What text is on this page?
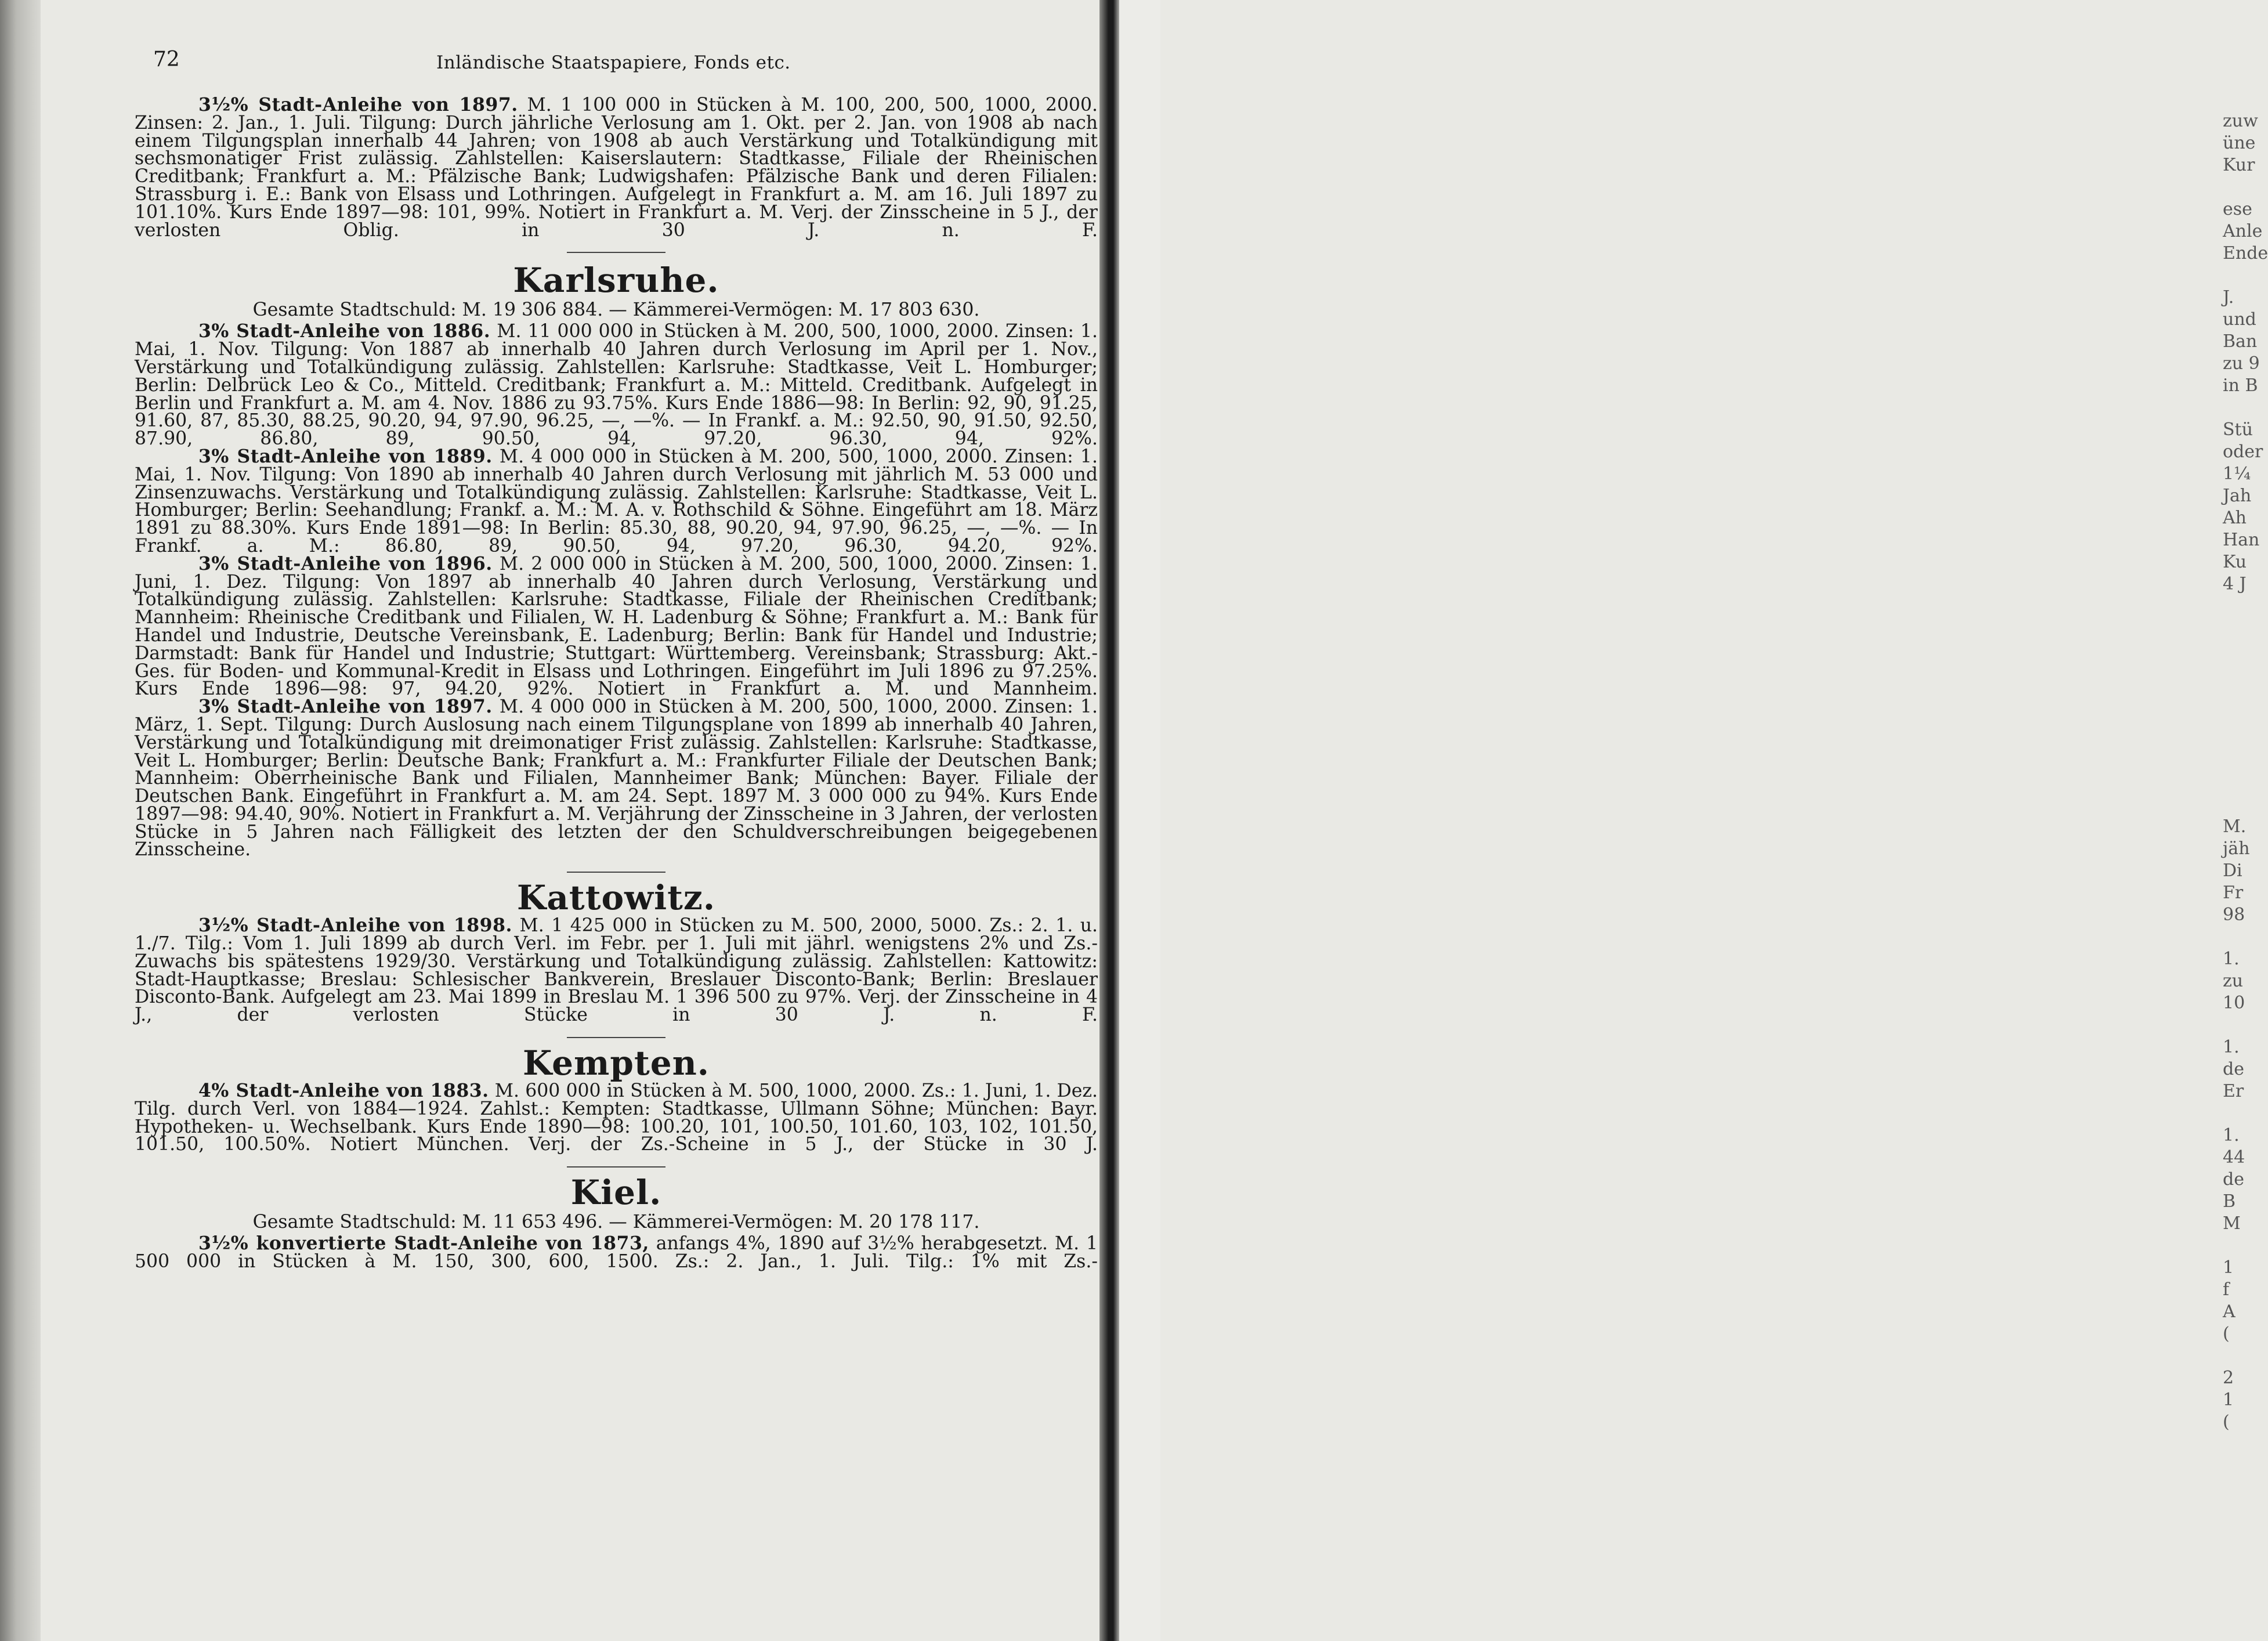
zuw
üne
Kur
ese
Anle
Ende
J.
und
Ban
zu 9
in B
Stü
oder
1¼
Jah
Ah
Han
Ku
4 J
M.
jäh
Di
Fr
98
1.
zu
10
1.
de
Er
1.
44
de
B
M
1
f
A
(
2
1
(
72	Inländische Staatspapiere, Fonds etc.

3½% Stadt-Anleihe von 1897. M. 1 100 000 in Stücken à M. 100, 200, 500, 1000, 2000. Zinsen: 2. Jan., 1. Juli. Tilgung: Durch jährliche Verlosung am 1. Okt. per 2. Jan. von 1908 ab nach einem Tilgungsplan innerhalb 44 Jahren; von 1908 ab auch Verstärkung und Totalkündigung mit sechsmonatiger Frist zulässig. Zahlstellen: Kaiserslautern: Stadtkasse, Filiale der Rheinischen Creditbank; Frankfurt a. M.: Pfälzische Bank; Ludwigshafen: Pfälzische Bank und deren Filialen: Strassburg i. E.: Bank von Elsass und Lothringen. Aufgelegt in Frankfurt a. M. am 16. Juli 1897 zu 101.10%. Kurs Ende 1897—98: 101, 99%. Notiert in Frankfurt a. M. Verj. der Zinsscheine in 5 J., der verlosten Oblig. in 30 J. n. F.

Karlsruhe.

Gesamte Stadtschuld: M. 19 306 884. — Kämmerei-Vermögen: M. 17 803 630.

3% Stadt-Anleihe von 1886. M. 11 000 000 in Stücken à M. 200, 500, 1000, 2000. Zinsen: 1. Mai, 1. Nov. Tilgung: Von 1887 ab innerhalb 40 Jahren durch Verlosung im April per 1. Nov., Verstärkung und Totalkündigung zulässig. Zahlstellen: Karlsruhe: Stadtkasse, Veit L. Homburger; Berlin: Delbrück Leo & Co., Mitteld. Creditbank; Frankfurt a. M.: Mitteld. Creditbank. Aufgelegt in Berlin und Frankfurt a. M. am 4. Nov. 1886 zu 93.75%. Kurs Ende 1886—98: In Berlin: 92, 90, 91.25, 91.60, 87, 85.30, 88.25, 90.20, 94, 97.90, 96.25, —, —%. — In Frankf. a. M.: 92.50, 90, 91.50, 92.50, 87.90, 86.80, 89, 90.50, 94, 97.20, 96.30, 94, 92%.

3% Stadt-Anleihe von 1889. M. 4 000 000 in Stücken à M. 200, 500, 1000, 2000. Zinsen: 1. Mai, 1. Nov. Tilgung: Von 1890 ab innerhalb 40 Jahren durch Verlosung mit jährlich M. 53 000 und Zinsenzuwachs. Verstärkung und Totalkündigung zulässig. Zahlstellen: Karlsruhe: Stadtkasse, Veit L. Homburger; Berlin: Seehandlung; Frankf. a. M.: M. A. v. Rothschild & Söhne. Eingeführt am 18. März 1891 zu 88.30%. Kurs Ende 1891—98: In Berlin: 85.30, 88, 90.20, 94, 97.90, 96.25, —, —%. — In Frankf. a. M.: 86.80, 89, 90.50, 94, 97.20, 96.30, 94.20, 92%.

3% Stadt-Anleihe von 1896. M. 2 000 000 in Stücken à M. 200, 500, 1000, 2000. Zinsen: 1. Juni, 1. Dez. Tilgung: Von 1897 ab innerhalb 40 Jahren durch Verlosung, Verstärkung und Totalkündigung zulässig. Zahlstellen: Karlsruhe: Stadtkasse, Filiale der Rheinischen Creditbank; Mannheim: Rheinische Creditbank und Filialen, W. H. Ladenburg & Söhne; Frankfurt a. M.: Bank für Handel und Industrie, Deutsche Vereinsbank, E. Ladenburg; Berlin: Bank für Handel und Industrie; Darmstadt: Bank für Handel und Industrie; Stuttgart: Württemberg. Vereinsbank; Strassburg: Akt.-Ges. für Boden- und Kommunal-Kredit in Elsass und Lothringen. Eingeführt im Juli 1896 zu 97.25%. Kurs Ende 1896—98: 97, 94.20, 92%. Notiert in Frankfurt a. M. und Mannheim.

3% Stadt-Anleihe von 1897. M. 4 000 000 in Stücken à M. 200, 500, 1000, 2000. Zinsen: 1. März, 1. Sept. Tilgung: Durch Auslosung nach einem Tilgungsplane von 1899 ab innerhalb 40 Jahren, Verstärkung und Totalkündigung mit dreimonatiger Frist zulässig. Zahlstellen: Karlsruhe: Stadtkasse, Veit L. Homburger; Berlin: Deutsche Bank; Frankfurt a. M.: Frankfurter Filiale der Deutschen Bank; Mannheim: Oberrheinische Bank und Filialen, Mannheimer Bank; München: Bayer. Filiale der Deutschen Bank. Eingeführt in Frankfurt a. M. am 24. Sept. 1897 M. 3 000 000 zu 94%. Kurs Ende 1897—98: 94.40, 90%. Notiert in Frankfurt a. M. Verjährung der Zinsscheine in 3 Jahren, der verlosten Stücke in 5 Jahren nach Fälligkeit des letzten der den Schuldverschreibungen beigegebenen Zinsscheine.

Kattowitz.

3½% Stadt-Anleihe von 1898. M. 1 425 000 in Stücken zu M. 500, 2000, 5000. Zs.: 2. 1. u. 1./7. Tilg.: Vom 1. Juli 1899 ab durch Verl. im Febr. per 1. Juli mit jährl. wenigstens 2% und Zs.-Zuwachs bis spätestens 1929/30. Verstärkung und Totalkündigung zulässig. Zahlstellen: Kattowitz: Stadt-Hauptkasse; Breslau: Schlesischer Bankverein, Breslauer Disconto-Bank; Berlin: Breslauer Disconto-Bank. Aufgelegt am 23. Mai 1899 in Breslau M. 1 396 500 zu 97%. Verj. der Zinsscheine in 4 J., der verlosten Stücke in 30 J. n. F.

Kempten.

4% Stadt-Anleihe von 1883. M. 600 000 in Stücken à M. 500, 1000, 2000. Zs.: 1. Juni, 1. Dez. Tilg. durch Verl. von 1884—1924. Zahlst.: Kempten: Stadtkasse, Ullmann Söhne; München: Bayr. Hypotheken- u. Wechselbank. Kurs Ende 1890—98: 100.20, 101, 100.50, 101.60, 103, 102, 101.50, 101.50, 100.50%. Notiert München. Verj. der Zs.-Scheine in 5 J., der Stücke in 30 J.

Kiel.

Gesamte Stadtschuld: M. 11 653 496. — Kämmerei-Vermögen: M. 20 178 117.

3½% konvertierte Stadt-Anleihe von 1873, anfangs 4%, 1890 auf 3½% herabgesetzt. M. 1 500 000 in Stücken à M. 150, 300, 600, 1500. Zs.: 2. Jan., 1. Juli. Tilg.: 1% mit Zs.-
